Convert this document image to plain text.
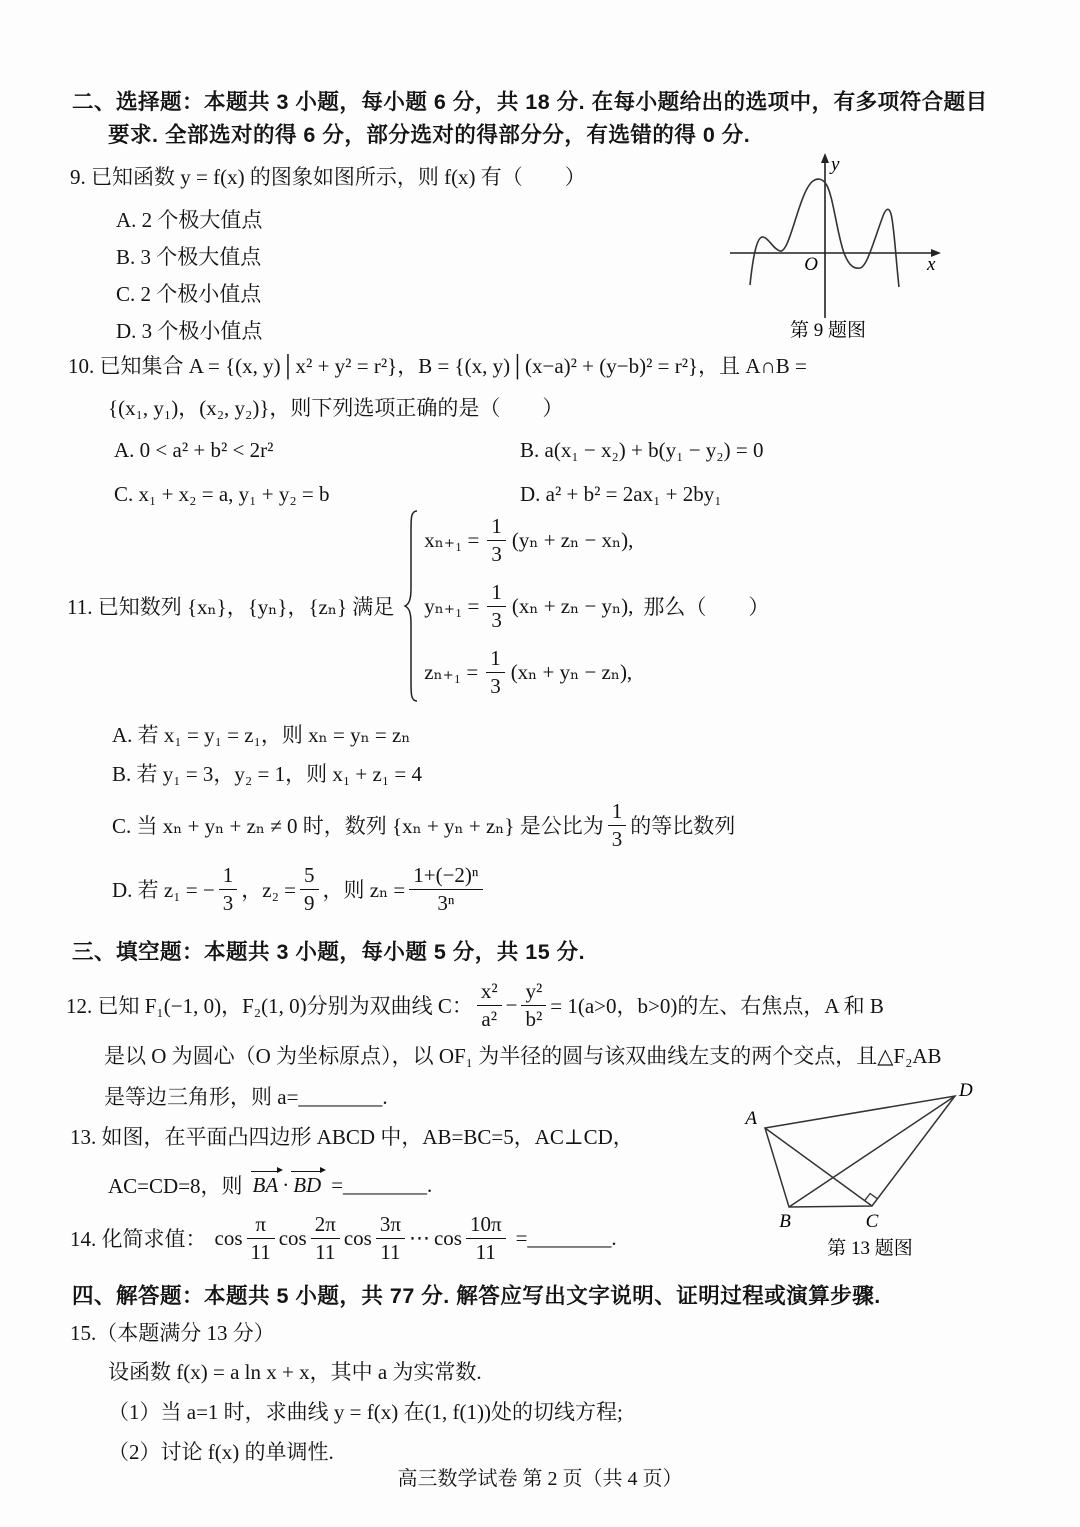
二、选择题：本题共 3 小题，每小题 6 分，共 18 分. 在每小题给出的选项中，有多项符合题目
要求. 全部选对的得 6 分，部分选对的得部分分，有选错的得 0 分.
9. 已知函数 y = f(x) 的图象如图所示，则 f(x) 有（　　）
A. 2 个极大值点
B. 3 个极大值点
C. 2 个极小值点
D. 3 个极小值点
y
O	x
第 9 题图
10. 已知集合 A = {(x, y)│x² + y² = r²}，B = {(x, y)│(x−a)² + (y−b)² = r²}，且 A∩B =
{(x₁, y₁)，(x₂, y₂)}，则下列选项正确的是（　　）
A. 0 < a² + b² < 2r²	B. a(x₁ − x₂) + b(y₁ − y₂) = 0
C. x₁ + x₂ = a, y₁ + y₂ = b	D. a² + b² = 2ax₁ + 2by₁
11. 已知数列 {xₙ}，{yₙ}，{zₙ} 满足
$x_{n+1} = \frac{1}{3} (y_n + z_n - x_n)$,
$y_{n+1} = \frac{1}{3} (x_n + z_n - y_n)$,
$z_{n+1} = \frac{1}{3} (x_n + y_n - z_n)$,
那么（　　）
A. 若 x₁ = y₁ = z₁，则 xₙ = yₙ = zₙ
B. 若 y₁ = 3，y₂ = 1，则 x₁ + z₁ = 4
C. 当 xₙ + yₙ + zₙ ≠ 0 时，数列 {xₙ + yₙ + zₙ} 是公比为 $\frac{1}{3}$ 的等比数列
D. 若 z₁ = − $\frac{1}{3}$ ，$z_2 = \frac{5}{9}$ ，则 $z_n = \frac{\text{1+(−2)ⁿ}}{\text{3ⁿ}}$
三、填空题：本题共 3 小题，每小题 5 分，共 15 分.
12. 已知 F₁(−1, 0)，F₂(1, 0)分别为双曲线 C： $\frac{\text{x²}}{\text{a²}} - \frac{\text{y²}}{\text{b²}} = 1(a>0$，b>0)的左、右焦点，A 和 B
是以 O 为圆心（O 为坐标原点），以 OF₁ 为半径的圆与该双曲线左支的两个交点，且△F₂AB
是等边三角形，则 a=________.
13. 如图，在平面凸四边形 ABCD 中，AB=BC=5，AC⊥CD，
AC=CD=8，则 BA · BD =________.
A
B	C
D
第 13 题图
14. 化简求值： $\cos \frac{\pi}{11}$ $\cos \frac{2\pi}{11}$ $\cos \frac{3\pi}{11}$ ⋯ $\cos \frac{10\pi}{11}$ =________.
四、解答题：本题共 5 小题，共 77 分. 解答应写出文字说明、证明过程或演算步骤.
15.（本题满分 13 分）
设函数 f(x) = a ln x + x，其中 a 为实常数.
（1）当 a=1 时，求曲线 y = f(x) 在(1, f(1))处的切线方程;
（2）讨论 f(x) 的单调性.
高三数学试卷 第 2 页（共 4 页）
